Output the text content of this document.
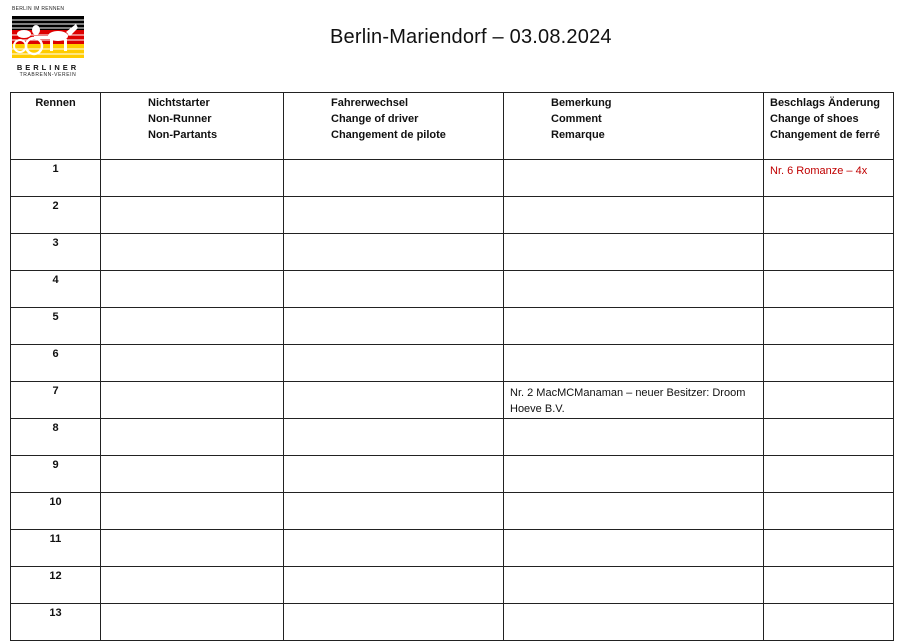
BERLIN IM RENNEN
BERLINER
TRABRENN-VEREIN
Berlin-Mariendorf – 03.08.2024
Rennen	Nichtstarter
Non-Runner
Non-Partants	Fahrerwechsel
Change of driver
Changement de pilote	Bemerkung
Comment
Remarque	Beschlags Änderung
Change of shoes
Changement de ferré

1				Nr. 6 Romanze – 4x
2				
3				
4				
5				
6				
7			Nr. 2 MacMCManaman – neuer Besitzer: Droom Hoeve B.V.	
8				
9				
10				
11				
12				
13				
